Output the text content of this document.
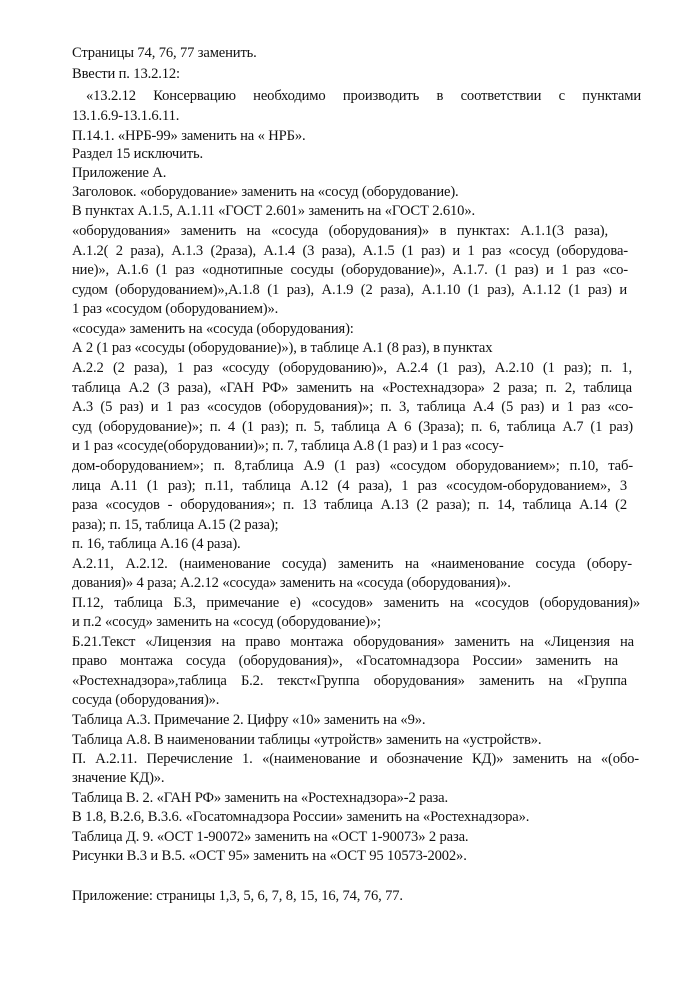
Страницы 74, 76, 77 заменить.

Ввести п. 13.2.12:

«13.2.12 Консервацию необходимо производить в соответствии с пунктами

13.1.6.9-13.1.6.11.

П.14.1. «НРБ-99» заменить на « НРБ».

Раздел 15 исключить.

Приложение А.

Заголовок. «оборудование» заменить на «сосуд (оборудование).

В пунктах А.1.5, А.1.11 «ГОСТ 2.601» заменить на «ГОСТ 2.610».

«оборудования» заменить на «сосуда (оборудования)» в пунктах: А.1.1(3 раза),

А.1.2( 2 раза), А.1.3 (2раза), А.1.4 (3 раза), А.1.5 (1 раз) и 1 раз «сосуд (оборудова-

ние)», А.1.6 (1 раз «однотипные сосуды (оборудование)», А.1.7. (1 раз) и 1 раз «со-

судом (оборудованием)»,А.1.8 (1 раз), А.1.9 (2 раза), А.1.10 (1 раз), А.1.12 (1 раз) и

1 раз «сосудом (оборудованием)».

«сосуда» заменить на «сосуда (оборудования):

А 2 (1 раз «сосуды (оборудование)»), в таблице А.1 (8 раз), в пунктах

А.2.2 (2 раза), 1 раз «сосуду (оборудованию)», А.2.4 (1 раз), А.2.10 (1 раз); п. 1,

таблица А.2 (3 раза), «ГАН РФ» заменить на «Ростехнадзора» 2 раза; п. 2, таблица

А.3 (5 раз) и 1 раз «сосудов (оборудования)»; п. 3, таблица А.4 (5 раз) и 1 раз «со-

суд (оборудование)»; п. 4 (1 раз); п. 5, таблица А 6 (3раза); п. 6, таблица А.7 (1 раз)

и 1 раз «сосуде(оборудовании)»; п. 7, таблица А.8 (1 раз) и 1 раз «сосу-

дом-оборудованием»; п. 8,таблица А.9 (1 раз) «сосудом оборудованием»; п.10, таб-

лица А.11 (1 раз); п.11, таблица А.12 (4 раза), 1 раз «сосудом-оборудованием», 3

раза «сосудов - оборудования»; п. 13 таблица А.13 (2 раза); п. 14, таблица А.14 (2

раза); п. 15, таблица А.15 (2 раза);

п. 16, таблица А.16 (4 раза).

А.2.11, А.2.12. (наименование сосуда) заменить на «наименование сосуда (обору-

дования)» 4 раза; А.2.12 «сосуда» заменить на «сосуда (оборудования)».

П.12, таблица Б.3, примечание е) «сосудов» заменить на «сосудов (оборудования)»

и п.2 «сосуд» заменить на «сосуд (оборудование)»;

Б.21.Текст «Лицензия на право монтажа оборудования» заменить на «Лицензия на

право монтажа сосуда (оборудования)», «Госатомнадзора России» заменить на

«Ростехнадзора»,таблица Б.2. текст«Группа оборудования» заменить на «Группа

сосуда (оборудования)».

Таблица А.3. Примечание 2. Цифру «10» заменить на «9».

Таблица А.8. В наименовании таблицы «утройств» заменить на «устройств».

П. А.2.11. Перечисление 1. «(наименование и обозначение КД)» заменить на «(обо-

значение КД)».

Таблица В. 2. «ГАН РФ» заменить на «Ростехнадзора»-2 раза.

В 1.8, В.2.6, В.3.6. «Госатомнадзора России» заменить на «Ростехнадзора».

Таблица Д. 9. «ОСТ 1-90072» заменить на «ОСТ 1-90073» 2 раза.

Рисунки В.3 и В.5. «ОСТ 95» заменить на «ОСТ 95 10573-2002».

Приложение: страницы 1,3, 5, 6, 7, 8, 15, 16, 74, 76, 77.
